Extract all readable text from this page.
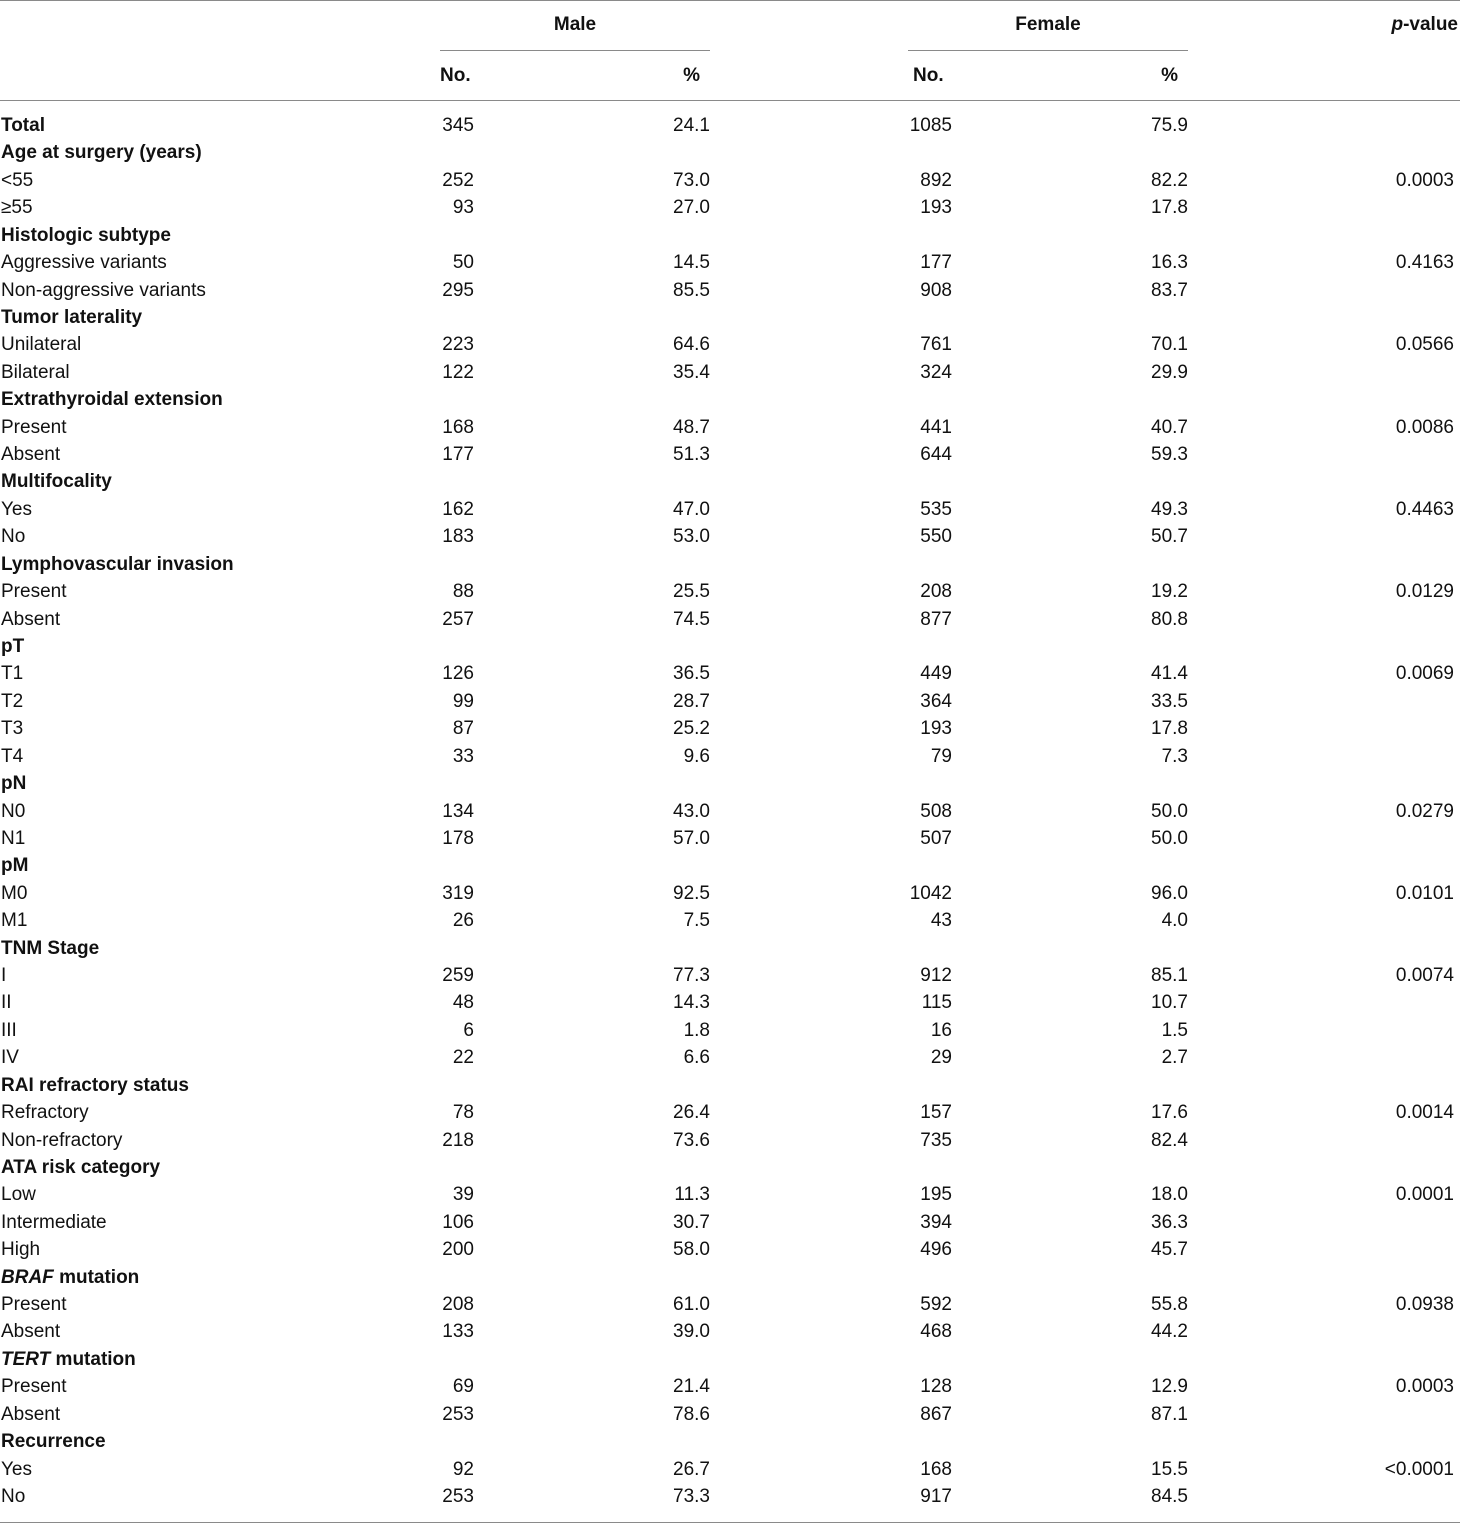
Male	Female	p-value
No.	%	No.	%
Total	345	24.1	1085	75.9
Age at surgery (years)
<55	252	73.0	892	82.2	0.0003
≥55	93	27.0	193	17.8
Histologic subtype
Aggressive variants	50	14.5	177	16.3	0.4163
Non-aggressive variants	295	85.5	908	83.7
Tumor laterality
Unilateral	223	64.6	761	70.1	0.0566
Bilateral	122	35.4	324	29.9
Extrathyroidal extension
Present	168	48.7	441	40.7	0.0086
Absent	177	51.3	644	59.3
Multifocality
Yes	162	47.0	535	49.3	0.4463
No	183	53.0	550	50.7
Lymphovascular invasion
Present	88	25.5	208	19.2	0.0129
Absent	257	74.5	877	80.8
pT
T1	126	36.5	449	41.4	0.0069
T2	99	28.7	364	33.5
T3	87	25.2	193	17.8
T4	33	9.6	79	7.3
pN
N0	134	43.0	508	50.0	0.0279
N1	178	57.0	507	50.0
pM
M0	319	92.5	1042	96.0	0.0101
M1	26	7.5	43	4.0
TNM Stage
I	259	77.3	912	85.1	0.0074
II	48	14.3	115	10.7
III	6	1.8	16	1.5
IV	22	6.6	29	2.7
RAI refractory status
Refractory	78	26.4	157	17.6	0.0014
Non-refractory	218	73.6	735	82.4
ATA risk category
Low	39	11.3	195	18.0	0.0001
Intermediate	106	30.7	394	36.3
High	200	58.0	496	45.7
BRAF mutation
Present	208	61.0	592	55.8	0.0938
Absent	133	39.0	468	44.2
TERT mutation
Present	69	21.4	128	12.9	0.0003
Absent	253	78.6	867	87.1
Recurrence
Yes	92	26.7	168	15.5	<0.0001
No	253	73.3	917	84.5
